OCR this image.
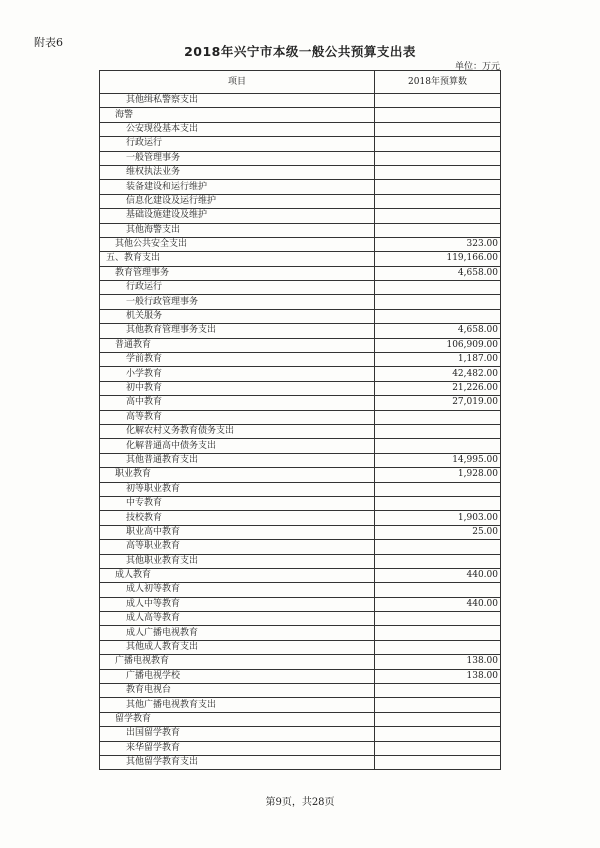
附表6
2018年兴宁市本级一般公共预算支出表
单位：万元
项目	2018年预算数
其他缉私警察支出	
海警	
公安现役基本支出	
行政运行	
一般管理事务	
维权执法业务	
装备建设和运行维护	
信息化建设及运行维护	
基础设施建设及维护	
其他海警支出	
其他公共安全支出	323.00
五、教育支出	119,166.00
教育管理事务	4,658.00
行政运行	
一般行政管理事务	
机关服务	
其他教育管理事务支出	4,658.00
普通教育	106,909.00
学前教育	1,187.00
小学教育	42,482.00
初中教育	21,226.00
高中教育	27,019.00
高等教育	
化解农村义务教育债务支出	
化解普通高中债务支出	
其他普通教育支出	14,995.00
职业教育	1,928.00
初等职业教育	
中专教育	
技校教育	1,903.00
职业高中教育	25.00
高等职业教育	
其他职业教育支出	
成人教育	440.00
成人初等教育	
成人中等教育	440.00
成人高等教育	
成人广播电视教育	
其他成人教育支出	
广播电视教育	138.00
广播电视学校	138.00
教育电视台	
其他广播电视教育支出	
留学教育	
出国留学教育	
来华留学教育	
其他留学教育支出	
第9页，共28页
